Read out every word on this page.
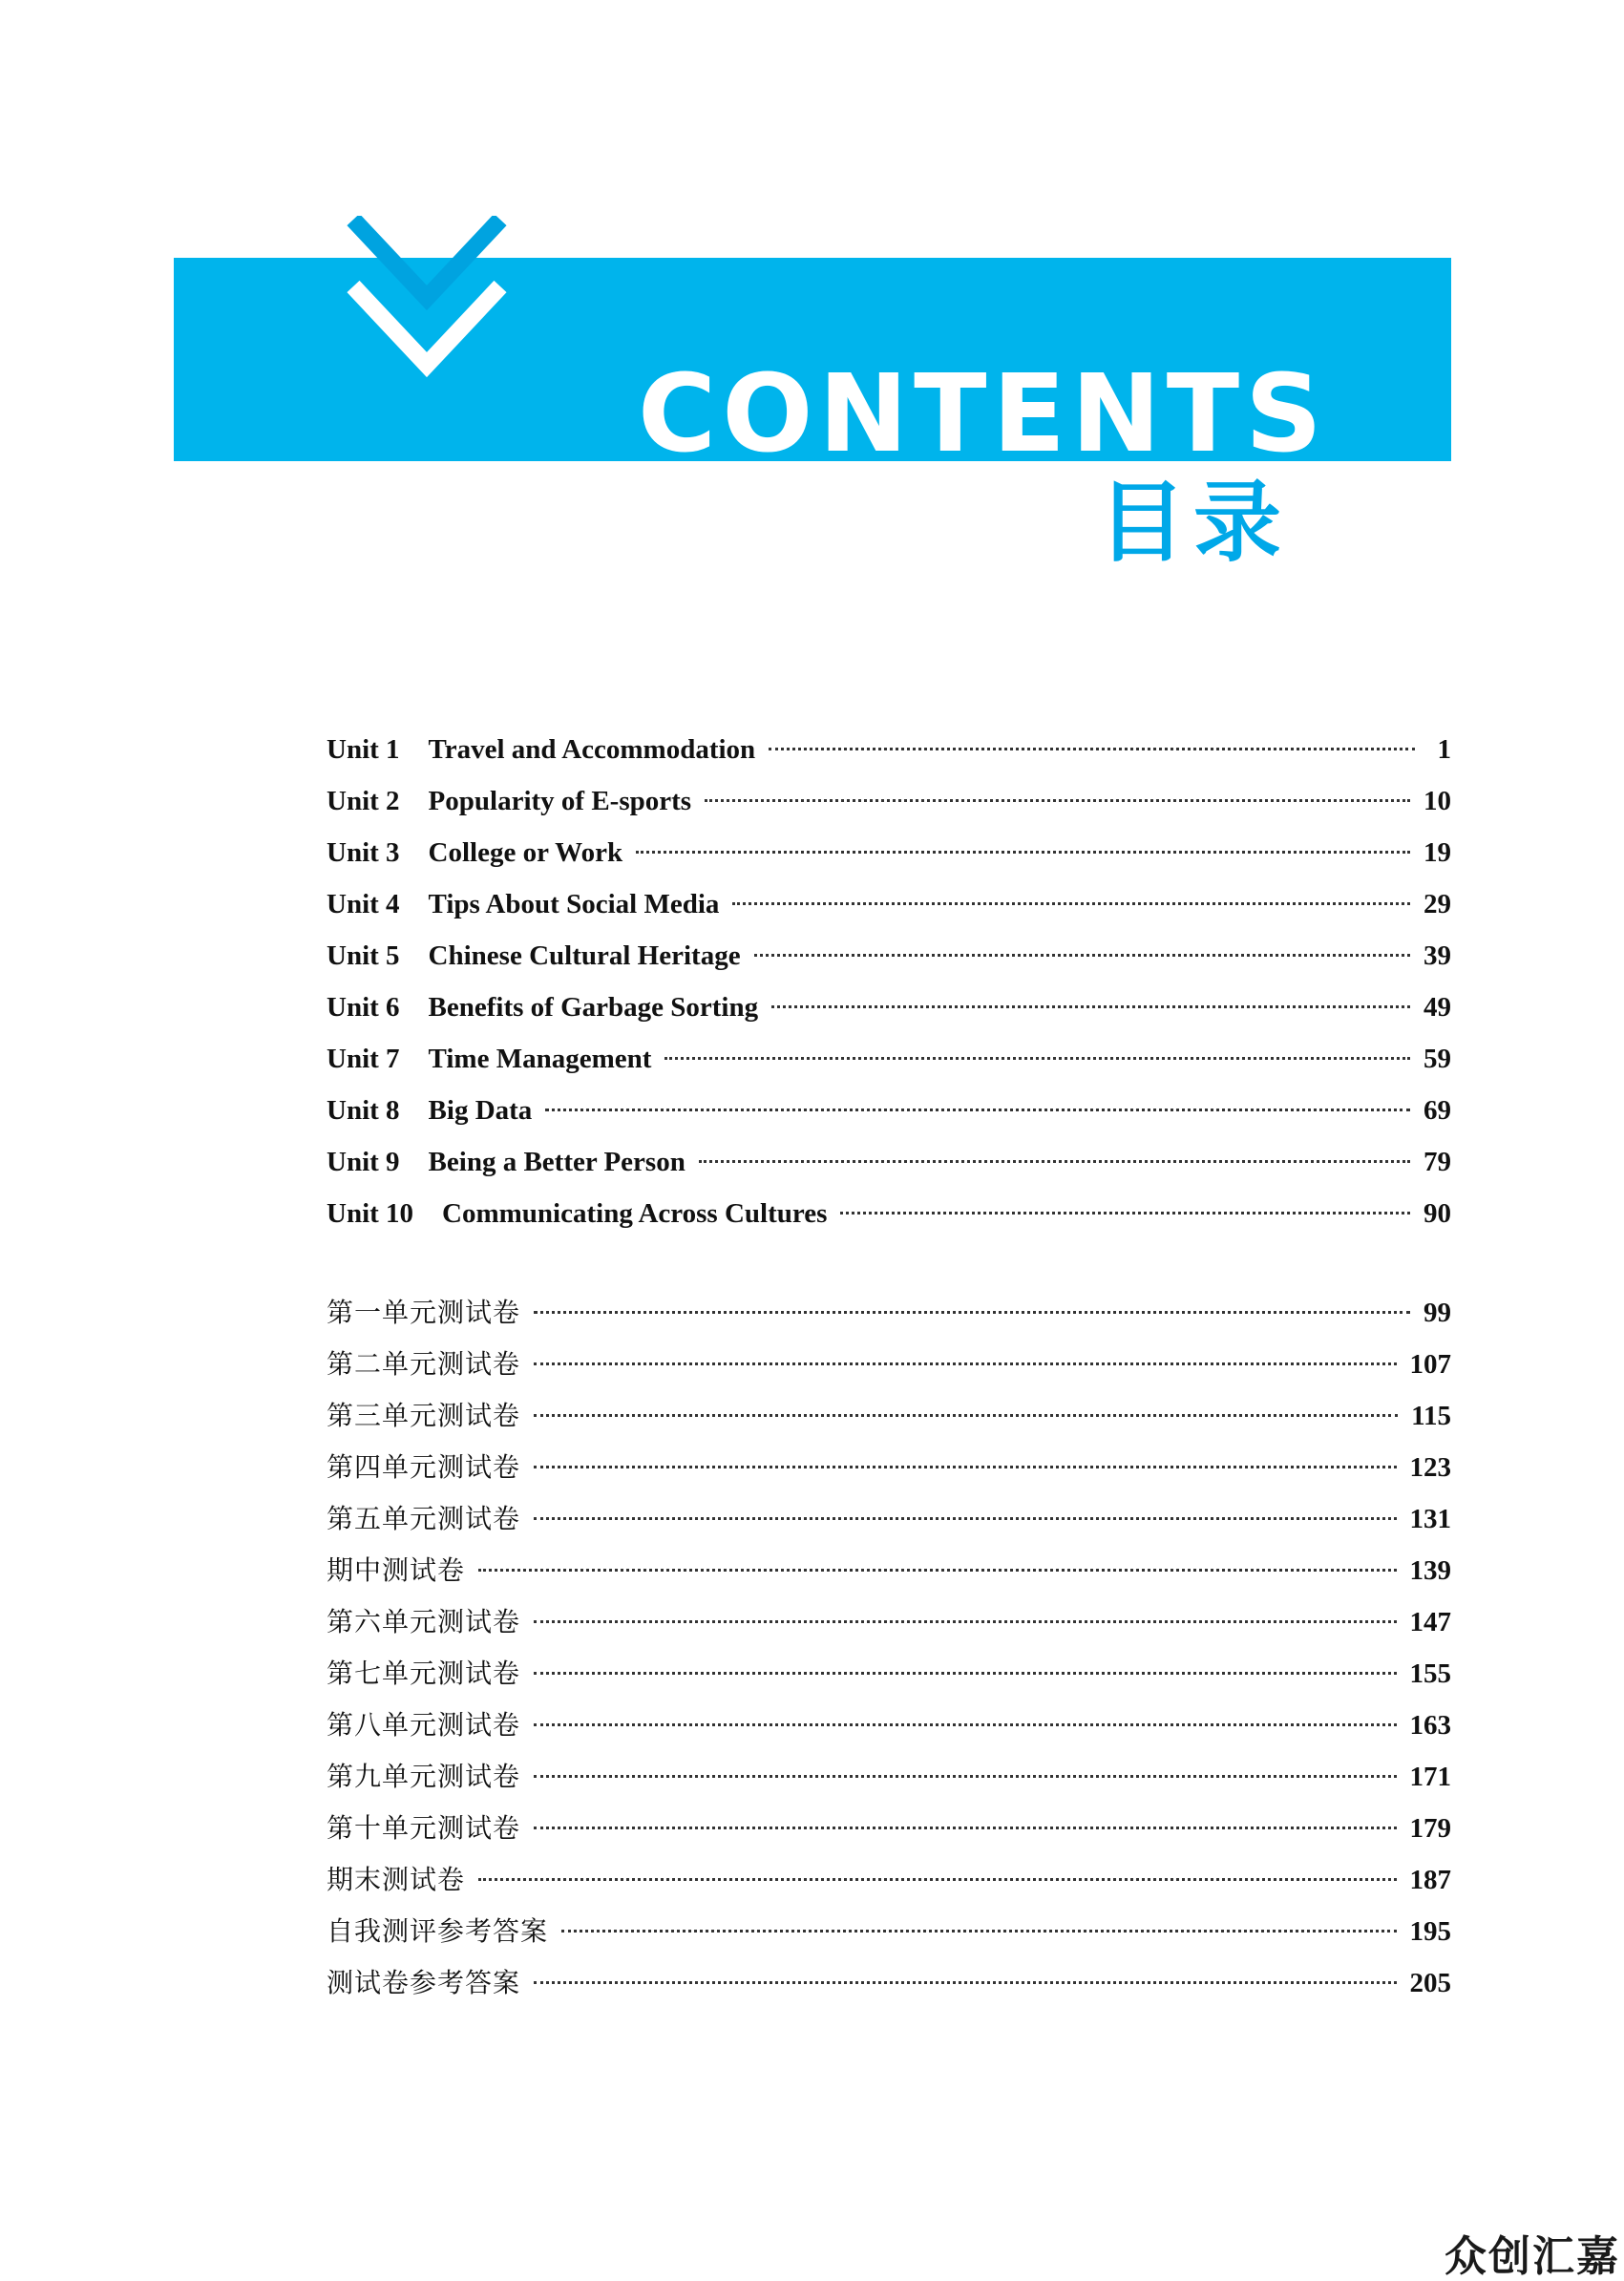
CONTENTS
目录
Unit 1 Travel and Accommodation	1
Unit 2 Popularity of E-sports	10
Unit 3 College or Work	19
Unit 4 Tips About Social Media	29
Unit 5 Chinese Cultural Heritage	39
Unit 6 Benefits of Garbage Sorting	49
Unit 7 Time Management	59
Unit 8 Big Data	69
Unit 9 Being a Better Person	79
Unit 10 Communicating Across Cultures	90
第一单元测试卷	99
第二单元测试卷	107
第三单元测试卷	115
第四单元测试卷	123
第五单元测试卷	131
期中测试卷	139
第六单元测试卷	147
第七单元测试卷	155
第八单元测试卷	163
第九单元测试卷	171
第十单元测试卷	179
期末测试卷	187
自我测评参考答案	195
测试卷参考答案	205
众创汇嘉
